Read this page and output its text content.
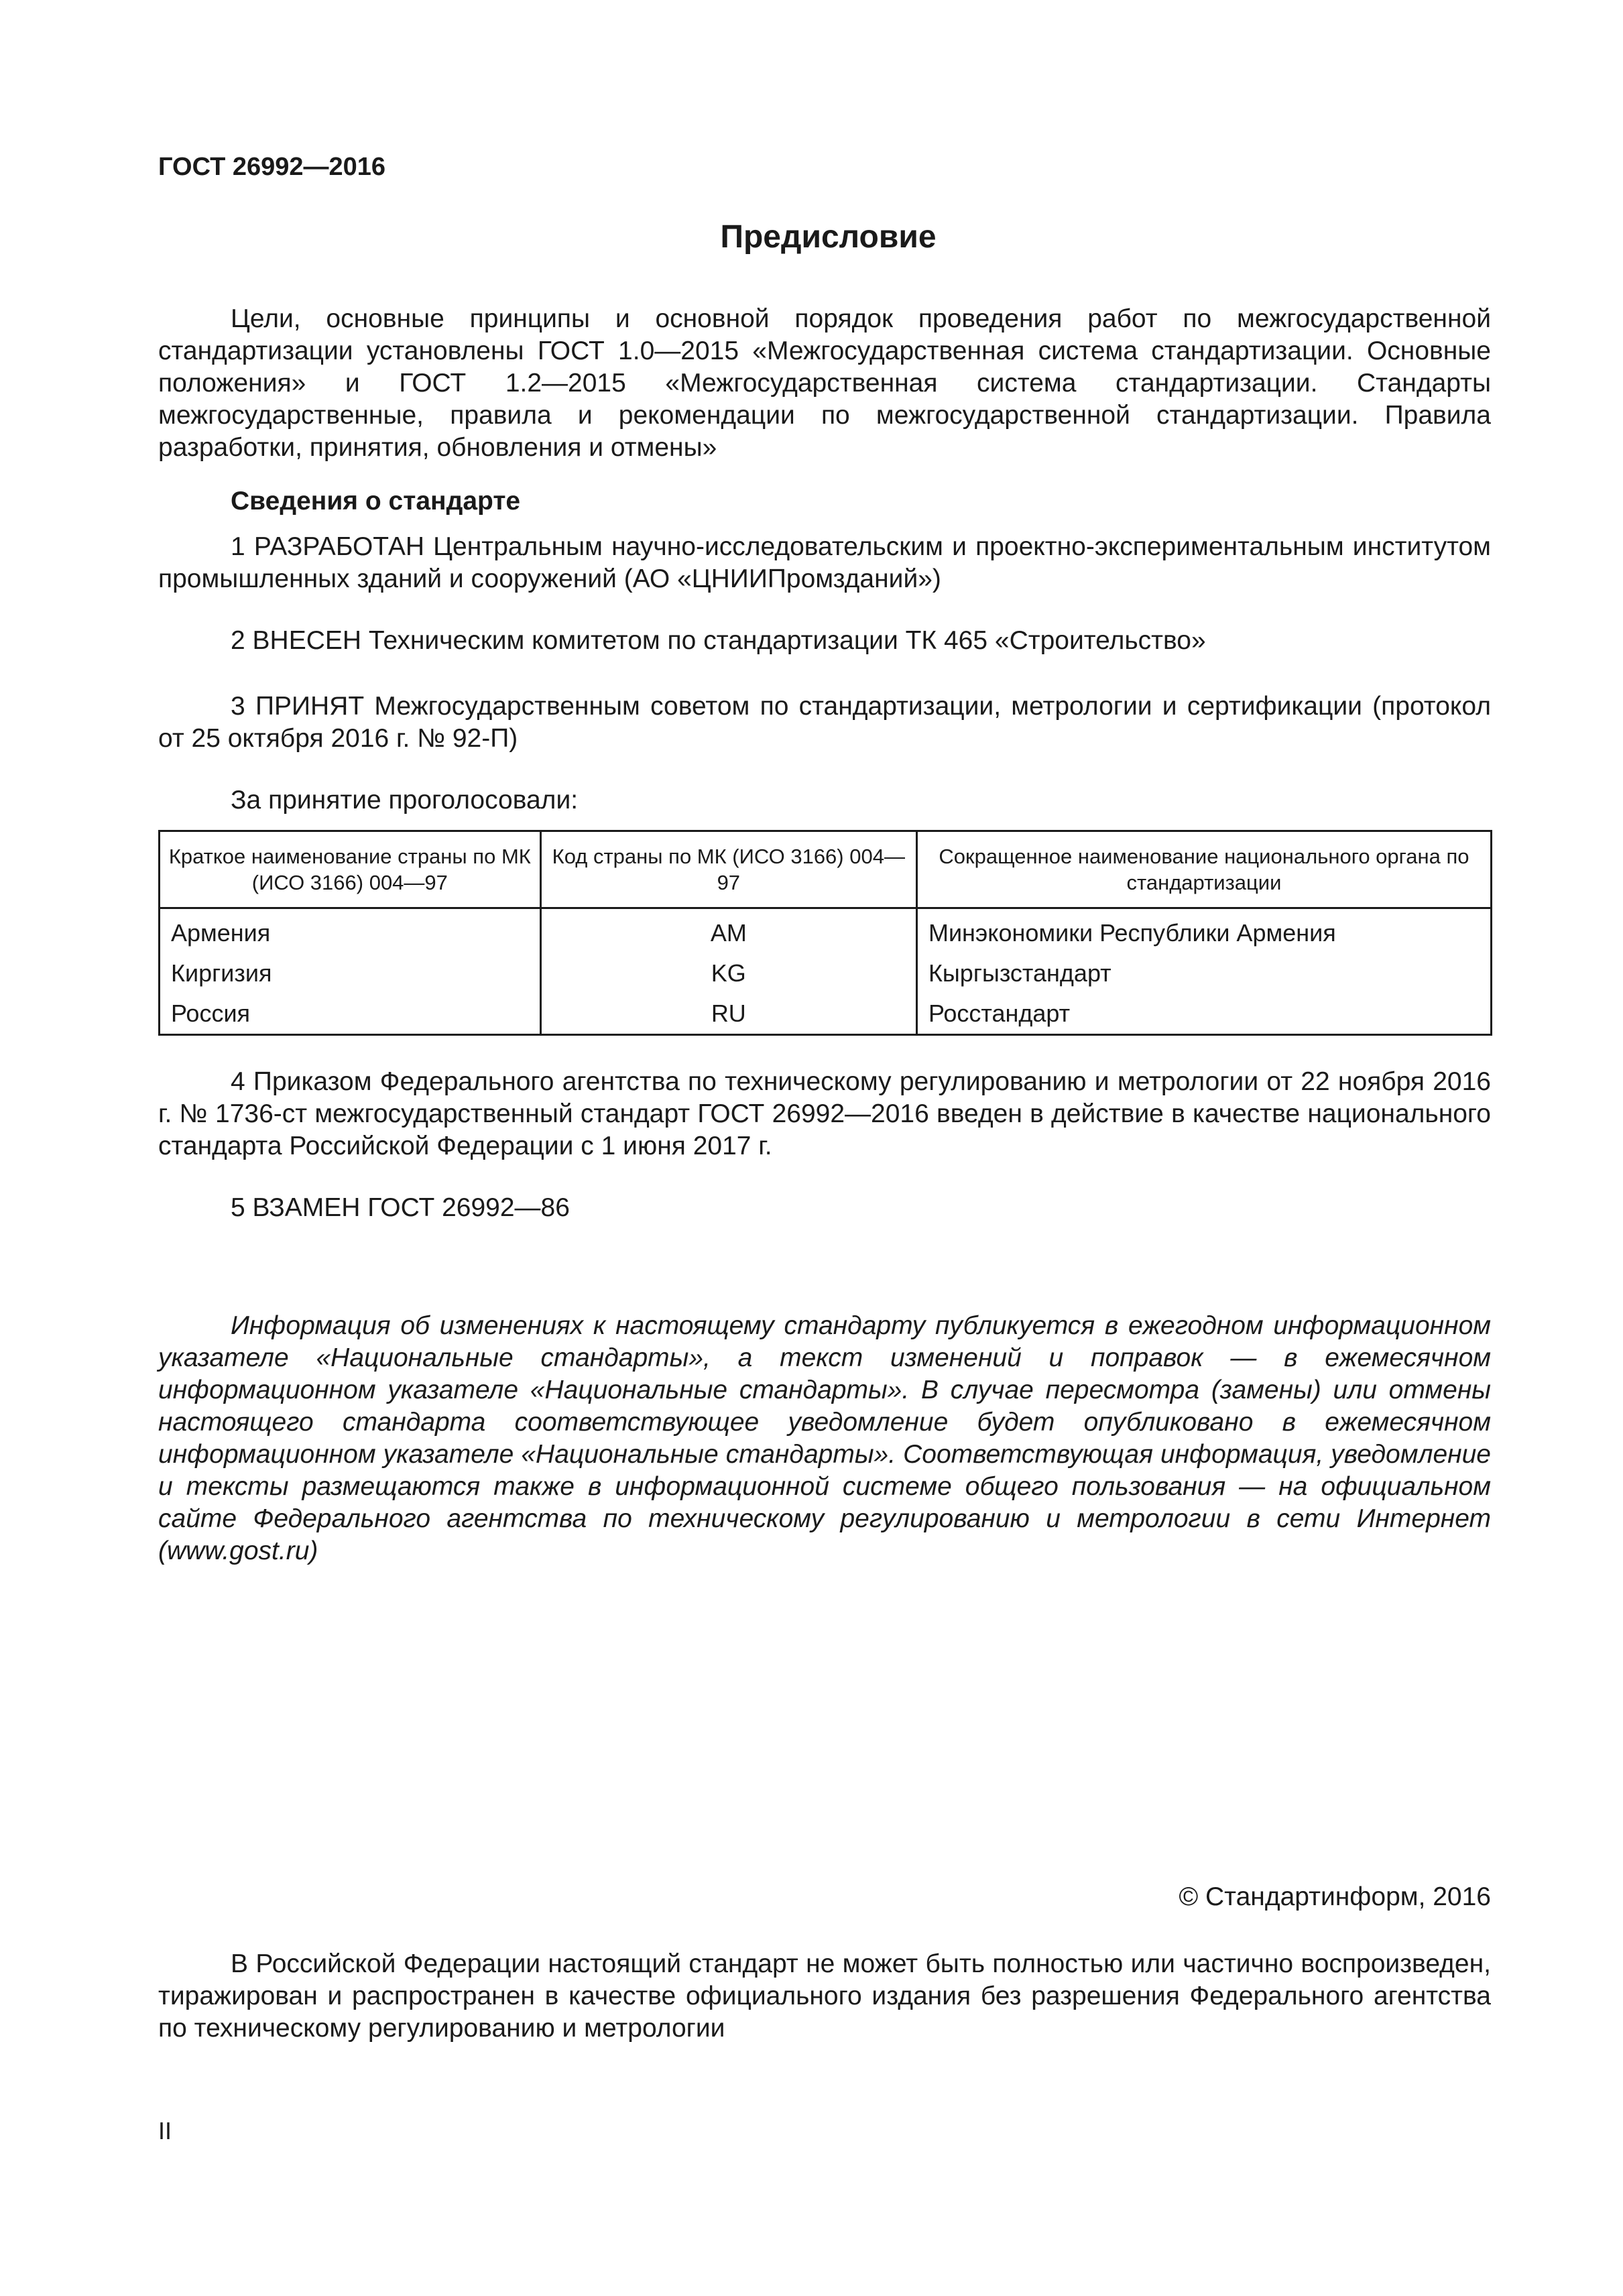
ГОСТ 26992—2016
Предисловие

Цели, основные принципы и основной порядок проведения работ по межгосударственной стандартизации установлены ГОСТ 1.0—2015 «Межгосударственная система стандартизации. Основные положения» и ГОСТ 1.2—2015 «Межгосударственная система стандартизации. Стандарты межгосударственные, правила и рекомендации по межгосударственной стандартизации. Правила разработки, принятия, обновления и отмены»

Сведения о стандарте

1 РАЗРАБОТАН Центральным научно-исследовательским и проектно-экспериментальным институтом промышленных зданий и сооружений (АО «ЦНИИПромзданий»)

2 ВНЕСЕН Техническим комитетом по стандартизации ТК 465 «Строительство»

3 ПРИНЯТ Межгосударственным советом по стандартизации, метрологии и сертификации (протокол от 25 октября 2016 г. № 92-П)

За принятие проголосовали:
Краткое наименование страны по МК (ИСО 3166) 004—97	Код страны по МК (ИСО 3166) 004—97	Сокращенное наименование национального органа по стандартизации
Армения	AM	Минэкономики Республики Армения
Киргизия	KG	Кыргызстандарт
Россия	RU	Росстандарт

4 Приказом Федерального агентства по техническому регулированию и метрологии от 22 ноября 2016 г. № 1736-ст межгосударственный стандарт ГОСТ 26992—2016 введен в действие в качестве национального стандарта Российской Федерации с 1 июня 2017 г.

5 ВЗАМЕН ГОСТ 26992—86

Информация об изменениях к настоящему стандарту публикуется в ежегодном информационном указателе «Национальные стандарты», а текст изменений и поправок — в ежемесячном информационном указателе «Национальные стандарты». В случае пересмотра (замены) или отмены настоящего стандарта соответствующее уведомление будет опубликовано в ежемесячном информационном указателе «Национальные стандарты». Соответствующая информация, уведомление и тексты размещаются также в информационной системе общего пользования — на официальном сайте Федерального агентства по техническому регулированию и метрологии в сети Интернет (www.gost.ru)

© Стандартинформ, 2016

В Российской Федерации настоящий стандарт не может быть полностью или частично воспроизведен, тиражирован и распространен в качестве официального издания без разрешения Федерального агентства по техническому регулированию и метрологии

II
